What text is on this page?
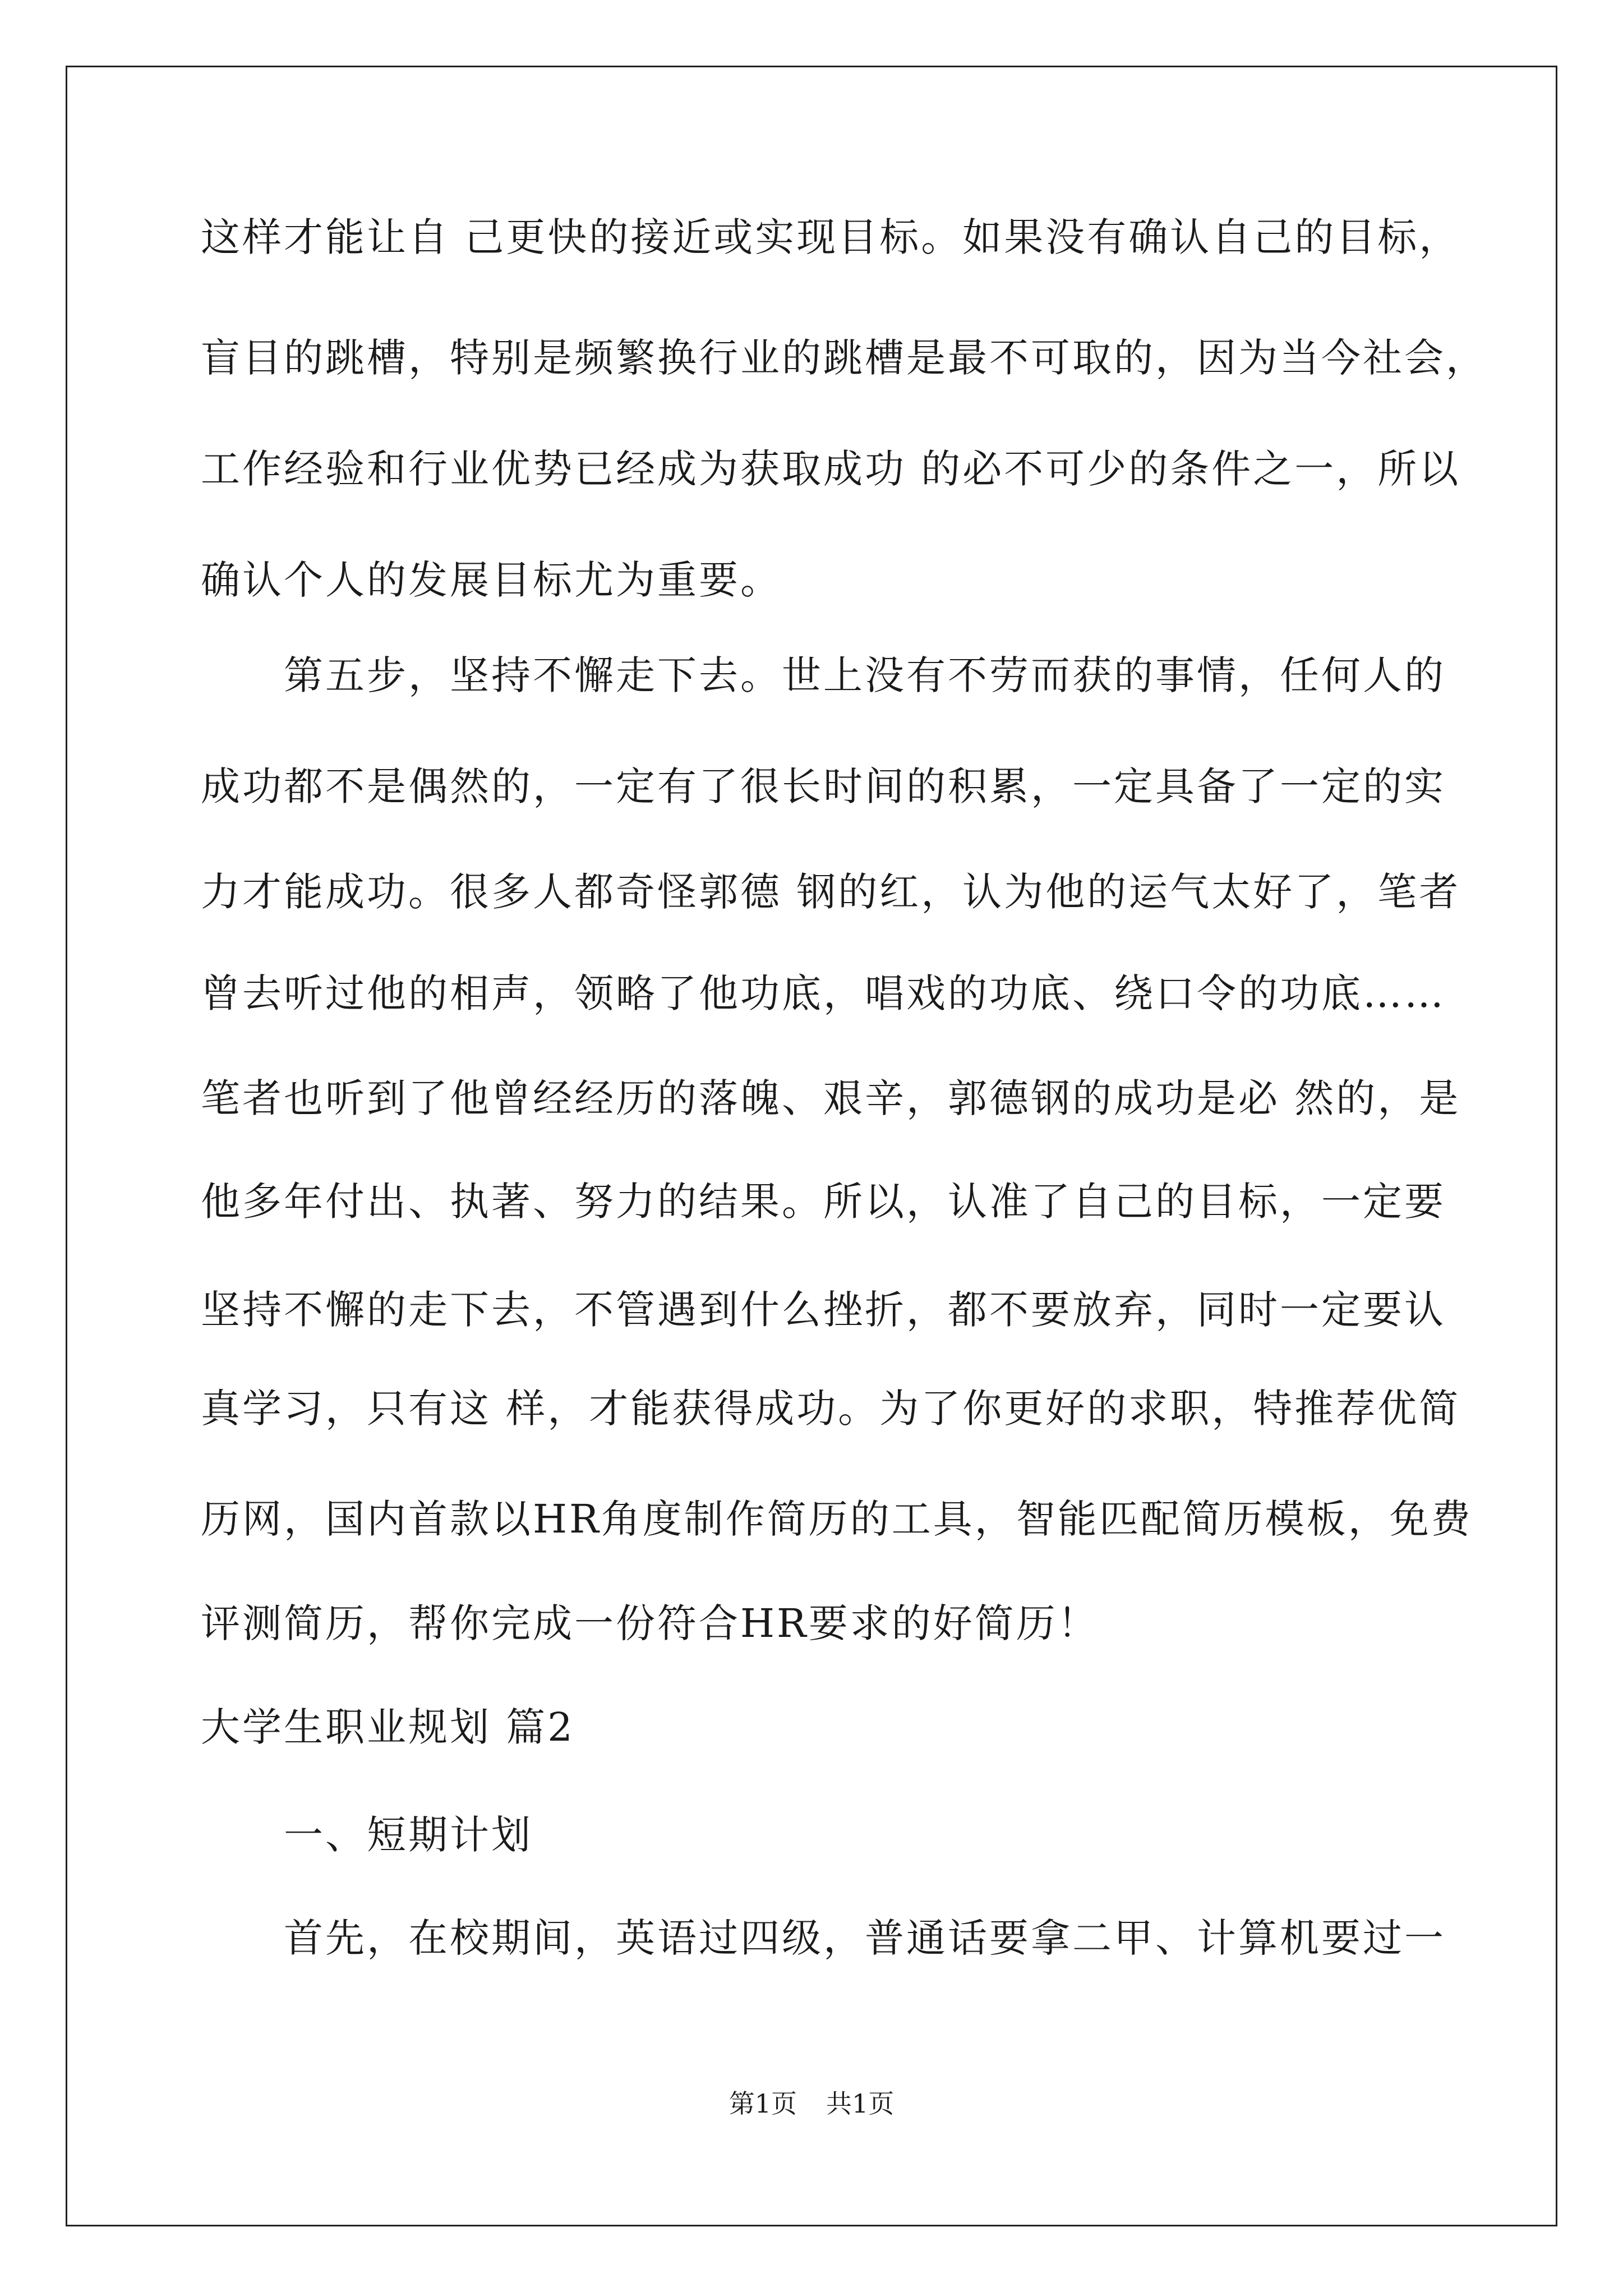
这样才能让自 己更快的接近或实现目标。如果没有确认自己的目标，
盲目的跳槽，特别是频繁换行业的跳槽是最不可取的，因为当今社会，
工作经验和行业优势已经成为获取成功 的必不可少的条件之一，所以
确认个人的发展目标尤为重要。
第五步，坚持不懈走下去。世上没有不劳而获的事情，任何人的
成功都不是偶然的，一定有了很长时间的积累，一定具备了一定的实
力才能成功。很多人都奇怪郭德 钢的红，认为他的运气太好了，笔者
曾去听过他的相声，领略了他功底，唱戏的功底、绕口令的功底……
笔者也听到了他曾经经历的落魄、艰辛，郭德钢的成功是必 然的，是
他多年付出、执著、努力的结果。所以，认准了自己的目标，一定要
坚持不懈的走下去，不管遇到什么挫折，都不要放弃，同时一定要认
真学习，只有这 样，才能获得成功。为了你更好的求职，特推荐优简
历网，国内首款以HR角度制作简历的工具，智能匹配简历模板，免费
评测简历，帮你完成一份符合HR要求的好简历！
大学生职业规划 篇2
一、短期计划
首先，在校期间，英语过四级，普通话要拿二甲、计算机要过一
第1页 共1页
